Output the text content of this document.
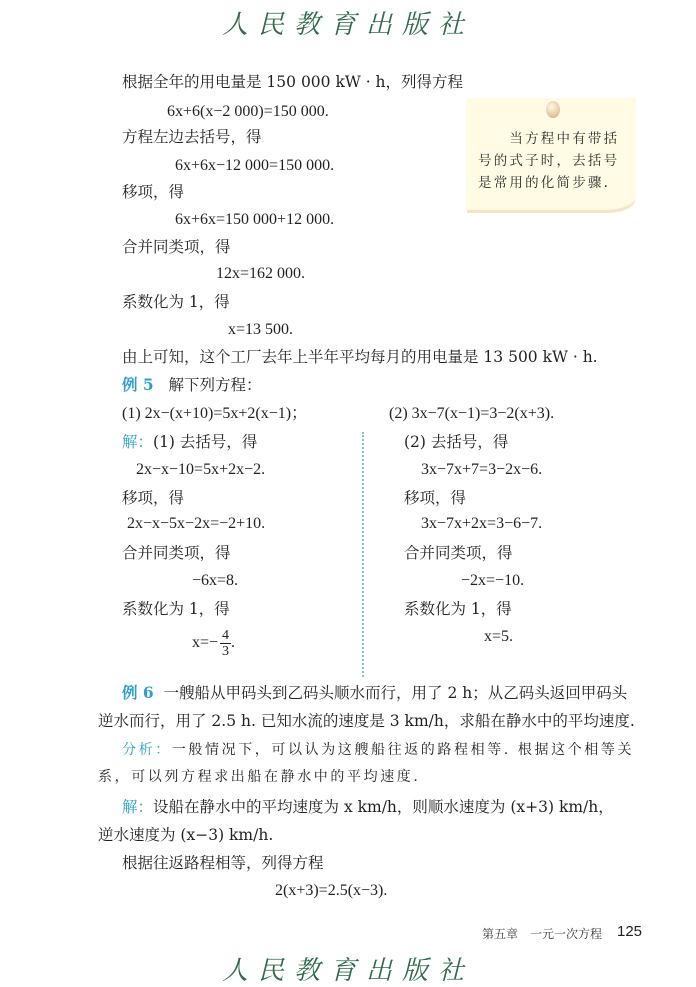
人民教育出版社
　　当方程中有带括号的式子时，去括号是常用的化简步骤.
根据全年的用电量是 150 000 kW · h，列得方程
6x+6(x−2 000)=150 000.
方程左边去括号，得
6x+6x−12 000=150 000.
移项，得
6x+6x=150 000+12 000.
合并同类项，得
12x=162 000.
系数化为 1，得
x=13 500.
由上可知，这个工厂去年上半年平均每月的用电量是 13 500 kW · h.
例 5 解下列方程：
(1) 2x−(x+10)=5x+2(x−1)；	(2) 3x−7(x−1)=3−2(x+3).
解：(1) 去括号，得
2x−x−10=5x+2x−2.
移项，得
2x−x−5x−2x=−2+10.
合并同类项，得
−6x=8.
系数化为 1，得
$x=- \frac{4}{3}$ .
(2) 去括号，得
3x−7x+7=3−2x−6.
移项，得
3x−7x+2x=3−6−7.
合并同类项，得
−2x=−10.
系数化为 1，得
x=5.
例 6 一艘船从甲码头到乙码头顺水而行，用了 2 h；从乙码头返回甲码头
逆水而行，用了 2.5 h. 已知水流的速度是 3 km/h，求船在静水中的平均速度.
分析：一般情况下，可以认为这艘船往返的路程相等. 根据这个相等关
系，可以列方程求出船在静水中的平均速度.
解：设船在静水中的平均速度为 x km/h，则顺水速度为 (x+3) km/h，
逆水速度为 (x−3) km/h.
根据往返路程相等，列得方程
2(x+3)=2.5(x−3).
第五章　一元一次方程 125
人民教育出版社
